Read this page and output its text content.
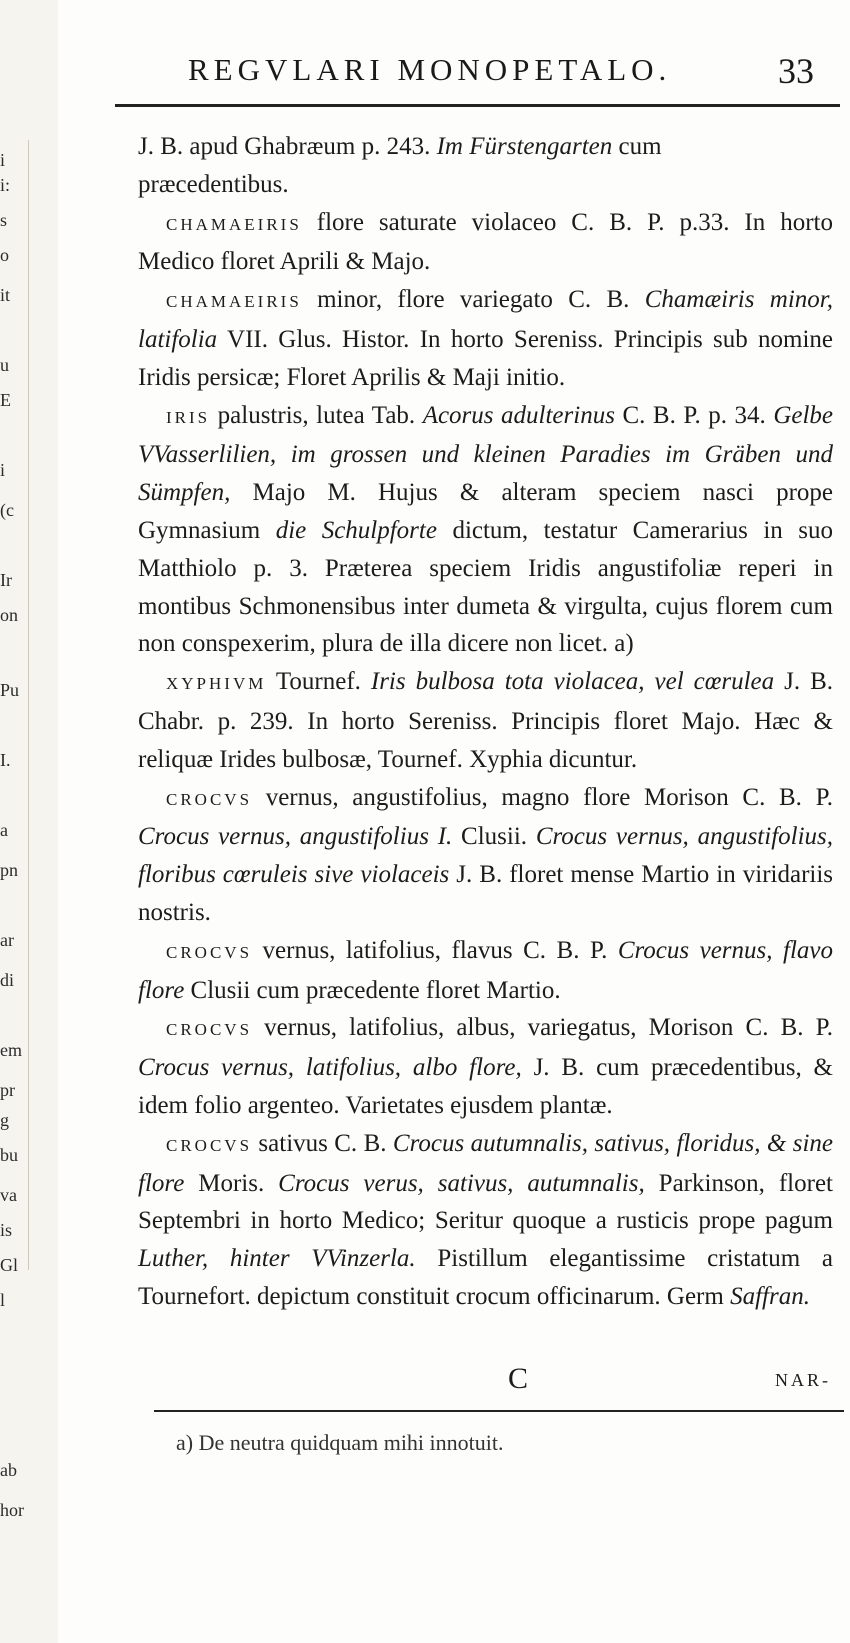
i
i:
s
o
it
u
E
i
(c
Ir
on
Pu
I.
a
pn
ar
di
em
pr
g
bu
va
is
Gl
l
ab
hor
REGVLARI MONOPETALO.	33

J. B. apud Ghabræum p. 243. Im Fürstengarten cum
præcedentibus.

CHAMAEIRIS flore saturate violaceo C. B. P. p.33. In horto Medico floret Aprili & Majo.

CHAMAEIRIS minor, flore variegato C. B. Chamæiris minor, latifolia VII. Glus. Histor. In horto Sereniss. Principis sub nomine Iridis persicæ; Floret Aprilis & Maji initio.

IRIS palustris, lutea Tab. Acorus adulterinus C. B. P. p. 34. Gelbe VVasserlilien, im grossen und kleinen Paradies im Gräben und Sümpfen, Majo M. Hujus & alteram speciem nasci prope Gymnasium die Schulpforte dictum, testatur Camerarius in suo Matthiolo p. 3. Præterea speciem Iridis angustifoliæ reperi in montibus Schmonensibus inter dumeta & virgulta, cujus florem cum non conspexerim, plura de illa dicere non licet. a)

XYPHIVM Tournef. Iris bulbosa tota violacea, vel cœrulea J. B. Chabr. p. 239. In horto Sereniss. Principis floret Majo. Hæc & reliquæ Irides bulbosæ, Tournef. Xyphia dicuntur.

CROCVS vernus, angustifolius, magno flore Morison C. B. P. Crocus vernus, angustifolius I. Clusii. Crocus vernus, angustifolius, floribus cœruleis sive violaceis J. B. floret mense Martio in viridariis nostris.

CROCVS vernus, latifolius, flavus C. B. P. Crocus vernus, flavo flore Clusii cum præcedente floret Martio.

CROCVS vernus, latifolius, albus, variegatus, Morison C. B. P. Crocus vernus, latifolius, albo flore, J. B. cum præcedentibus, & idem folio argenteo. Varietates ejusdem plantæ.

CROCVS sativus C. B. Crocus autumnalis, sativus, floridus, & sine flore Moris. Crocus verus, sativus, autumnalis, Parkinson, floret Septembri in horto Medico; Seritur quoque a rusticis prope pagum Luther, hinter VVinzerla. Pistillum elegantissime cristatum a Tournefort. depictum constituit crocum officinarum. Germ Saffran.

C	NAR-
a) De neutra quidquam mihi innotuit.
